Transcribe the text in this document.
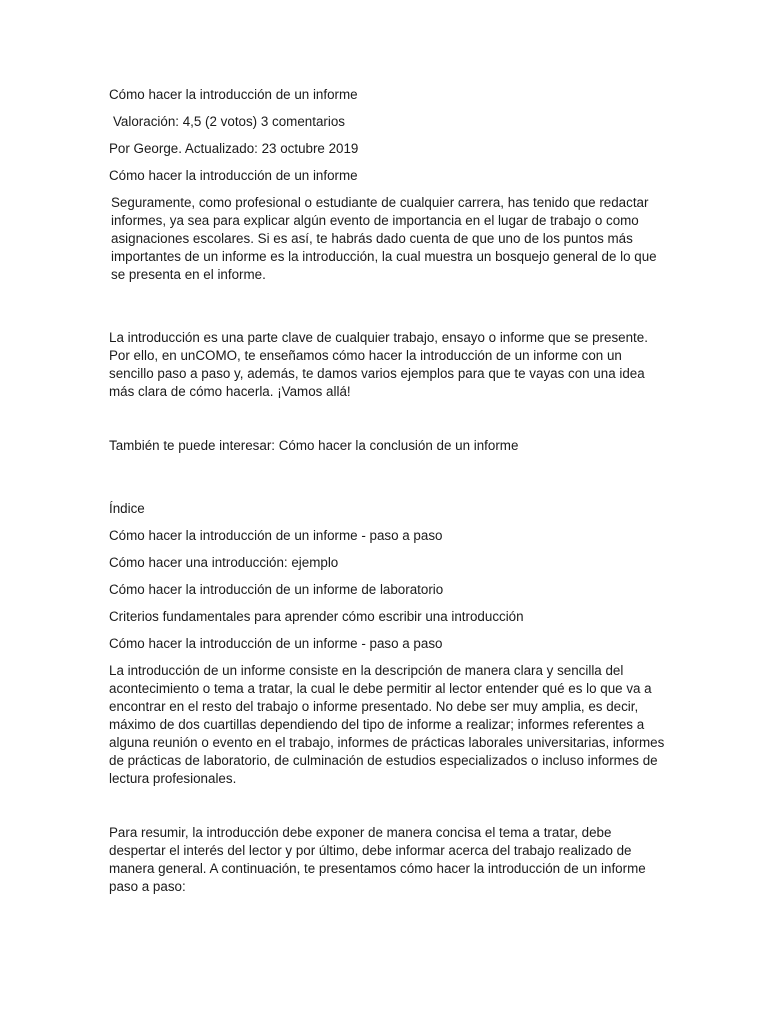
Cómo hacer la introducción de un informe

Valoración: 4,5 (2 votos) 3 comentarios

Por George. Actualizado: 23 octubre 2019

Cómo hacer la introducción de un informe

Seguramente, como profesional o estudiante de cualquier carrera, has tenido que redactar informes, ya sea para explicar algún evento de importancia en el lugar de trabajo o como asignaciones escolares. Si es así, te habrás dado cuenta de que uno de los puntos más importantes de un informe es la introducción, la cual muestra un bosquejo general de lo que se presenta en el informe.

La introducción es una parte clave de cualquier trabajo, ensayo o informe que se presente. Por ello, en unCOMO, te enseñamos cómo hacer la introducción de un informe con un sencillo paso a paso y, además, te damos varios ejemplos para que te vayas con una idea más clara de cómo hacerla. ¡Vamos allá!

También te puede interesar: Cómo hacer la conclusión de un informe

Índice

Cómo hacer la introducción de un informe - paso a paso

Cómo hacer una introducción: ejemplo

Cómo hacer la introducción de un informe de laboratorio

Criterios fundamentales para aprender cómo escribir una introducción

Cómo hacer la introducción de un informe - paso a paso

La introducción de un informe consiste en la descripción de manera clara y sencilla del acontecimiento o tema a tratar, la cual le debe permitir al lector entender qué es lo que va a encontrar en el resto del trabajo o informe presentado. No debe ser muy amplia, es decir, máximo de dos cuartillas dependiendo del tipo de informe a realizar; informes referentes a alguna reunión o evento en el trabajo, informes de prácticas laborales universitarias, informes de prácticas de laboratorio, de culminación de estudios especializados o incluso informes de lectura profesionales.

Para resumir, la introducción debe exponer de manera concisa el tema a tratar, debe despertar el interés del lector y por último, debe informar acerca del trabajo realizado de manera general. A continuación, te presentamos cómo hacer la introducción de un informe paso a paso:
